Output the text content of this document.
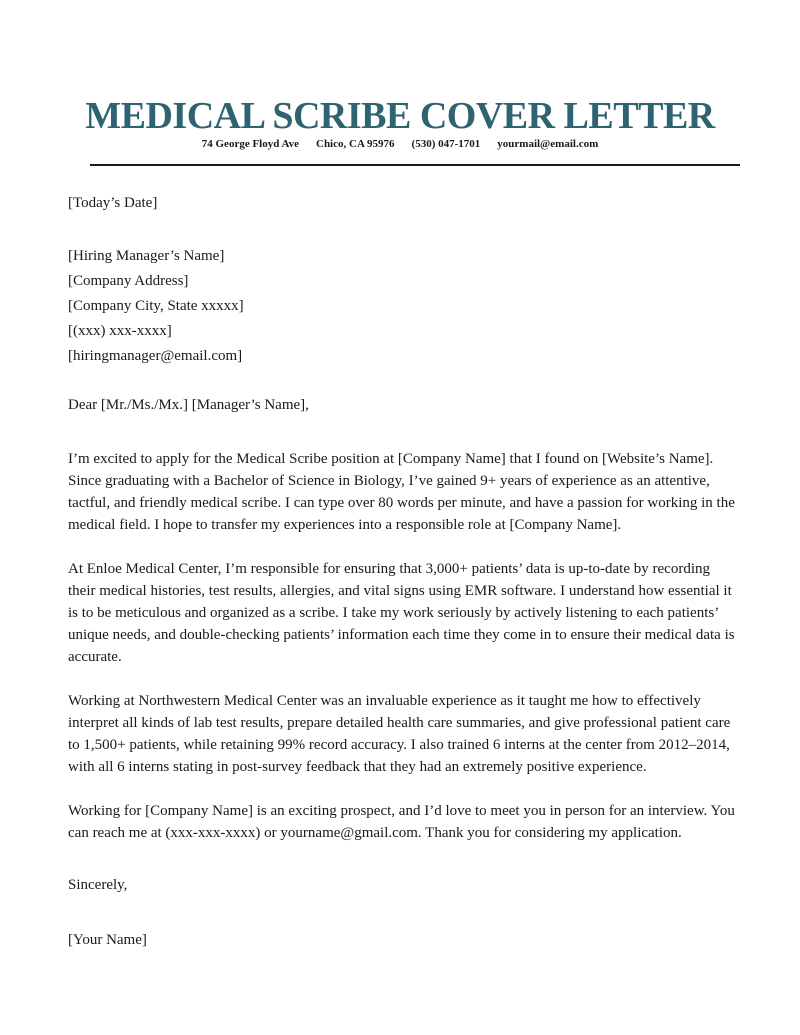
MEDICAL SCRIBE COVER LETTER
74 George Floyd Ave Chico, CA 95976 (530) 047-1701 yourmail@email.com

[Today’s Date]

[Hiring Manager’s Name]

[Company Address]

[Company City, State xxxxx]

[(xxx) xxx-xxxx]

[hiringmanager@email.com]

Dear [Mr./Ms./Mx.] [Manager’s Name],

I’m excited to apply for the Medical Scribe position at [Company Name] that I found on [Website’s Name]. Since graduating with a Bachelor of Science in Biology, I’ve gained 9+ years of experience as an attentive, tactful, and friendly medical scribe. I can type over 80 words per minute, and have a passion for working in the medical field. I hope to transfer my experiences into a responsible role at [Company Name].

At Enloe Medical Center, I’m responsible for ensuring that 3,000+ patients’ data is up-to-date by recording their medical histories, test results, allergies, and vital signs using EMR software. I understand how essential it is to be meticulous and organized as a scribe. I take my work seriously by actively listening to each patients’ unique needs, and double-checking patients’ information each time they come in to ensure their medical data is accurate.

Working at Northwestern Medical Center was an invaluable experience as it taught me how to effectively interpret all kinds of lab test results, prepare detailed health care summaries, and give professional patient care to 1,500+ patients, while retaining 99% record accuracy. I also trained 6 interns at the center from 2012–2014, with all 6 interns stating in post-survey feedback that they had an extremely positive experience.

Working for [Company Name] is an exciting prospect, and I’d love to meet you in person for an interview. You can reach me at (xxx-xxx-xxxx) or yourname@gmail.com. Thank you for considering my application.

Sincerely,

[Your Name]
